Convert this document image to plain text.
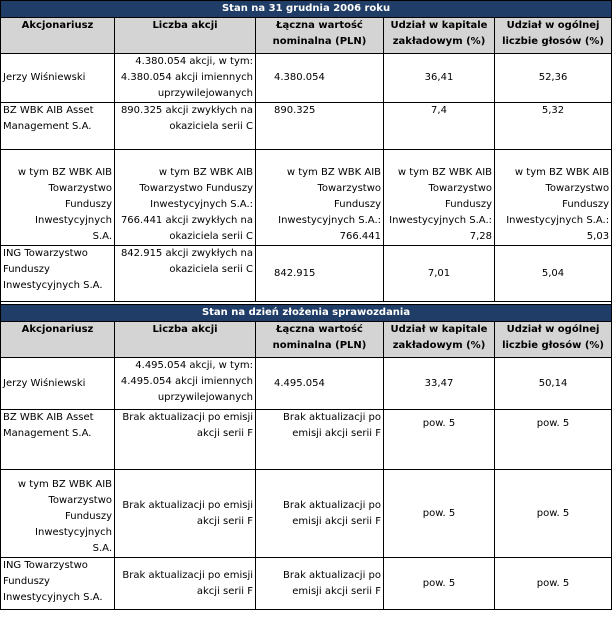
Stan na 31 grudnia 2006 roku				
Akcjonariusz	Liczba akcji	Łączna wartość nominalna (PLN)	Udział w kapitale zakładowym (%)	Udział w ogólnej liczbie głosów (%)
Jerzy Wiśniewski	4.380.054 akcji, w tym: 4.380.054 akcji imiennych uprzywilejowanych	4.380.054	36,41	52,36
BZ WBK AIB Asset Management S.A.	890.325 akcji zwykłych na okaziciela serii C	890.325	7,4	5,32
w tym BZ WBK AIB Towarzystwo Funduszy Inwestycyjnych S.A.	w tym BZ WBK AIB Towarzystwo Funduszy Inwestycyjnych S.A.: 766.441 akcji zwykłych na okaziciela serii C	w tym BZ WBK AIB Towarzystwo Funduszy Inwestycyjnych S.A.: 766.441	w tym BZ WBK AIB Towarzystwo Funduszy Inwestycyjnych S.A.: 7,28	w tym BZ WBK AIB Towarzystwo Funduszy Inwestycyjnych S.A.: 5,03
ING Towarzystwo Funduszy Inwestycyjnych S.A.	842.915 akcji zwykłych na okaziciela serii C	842.915	7,01	5,04

Stan na dzień złożenia sprawozdania				
Akcjonariusz	Liczba akcji	Łączna wartość nominalna (PLN)	Udział w kapitale zakładowym (%)	Udział w ogólnej liczbie głosów (%)
Jerzy Wiśniewski	4.495.054 akcji, w tym: 4.495.054 akcji imiennych uprzywilejowanych	4.495.054	33,47	50,14
BZ WBK AIB Asset Management S.A.	Brak aktualizacji po emisji akcji serii F	Brak aktualizacji po emisji akcji serii F	pow. 5	pow. 5
w tym BZ WBK AIB Towarzystwo Funduszy Inwestycyjnych S.A.	Brak aktualizacji po emisji akcji serii F	Brak aktualizacji po emisji akcji serii F	pow. 5	pow. 5
ING Towarzystwo Funduszy Inwestycyjnych S.A.	Brak aktualizacji po emisji akcji serii F	Brak aktualizacji po emisji akcji serii F	pow. 5	pow. 5
